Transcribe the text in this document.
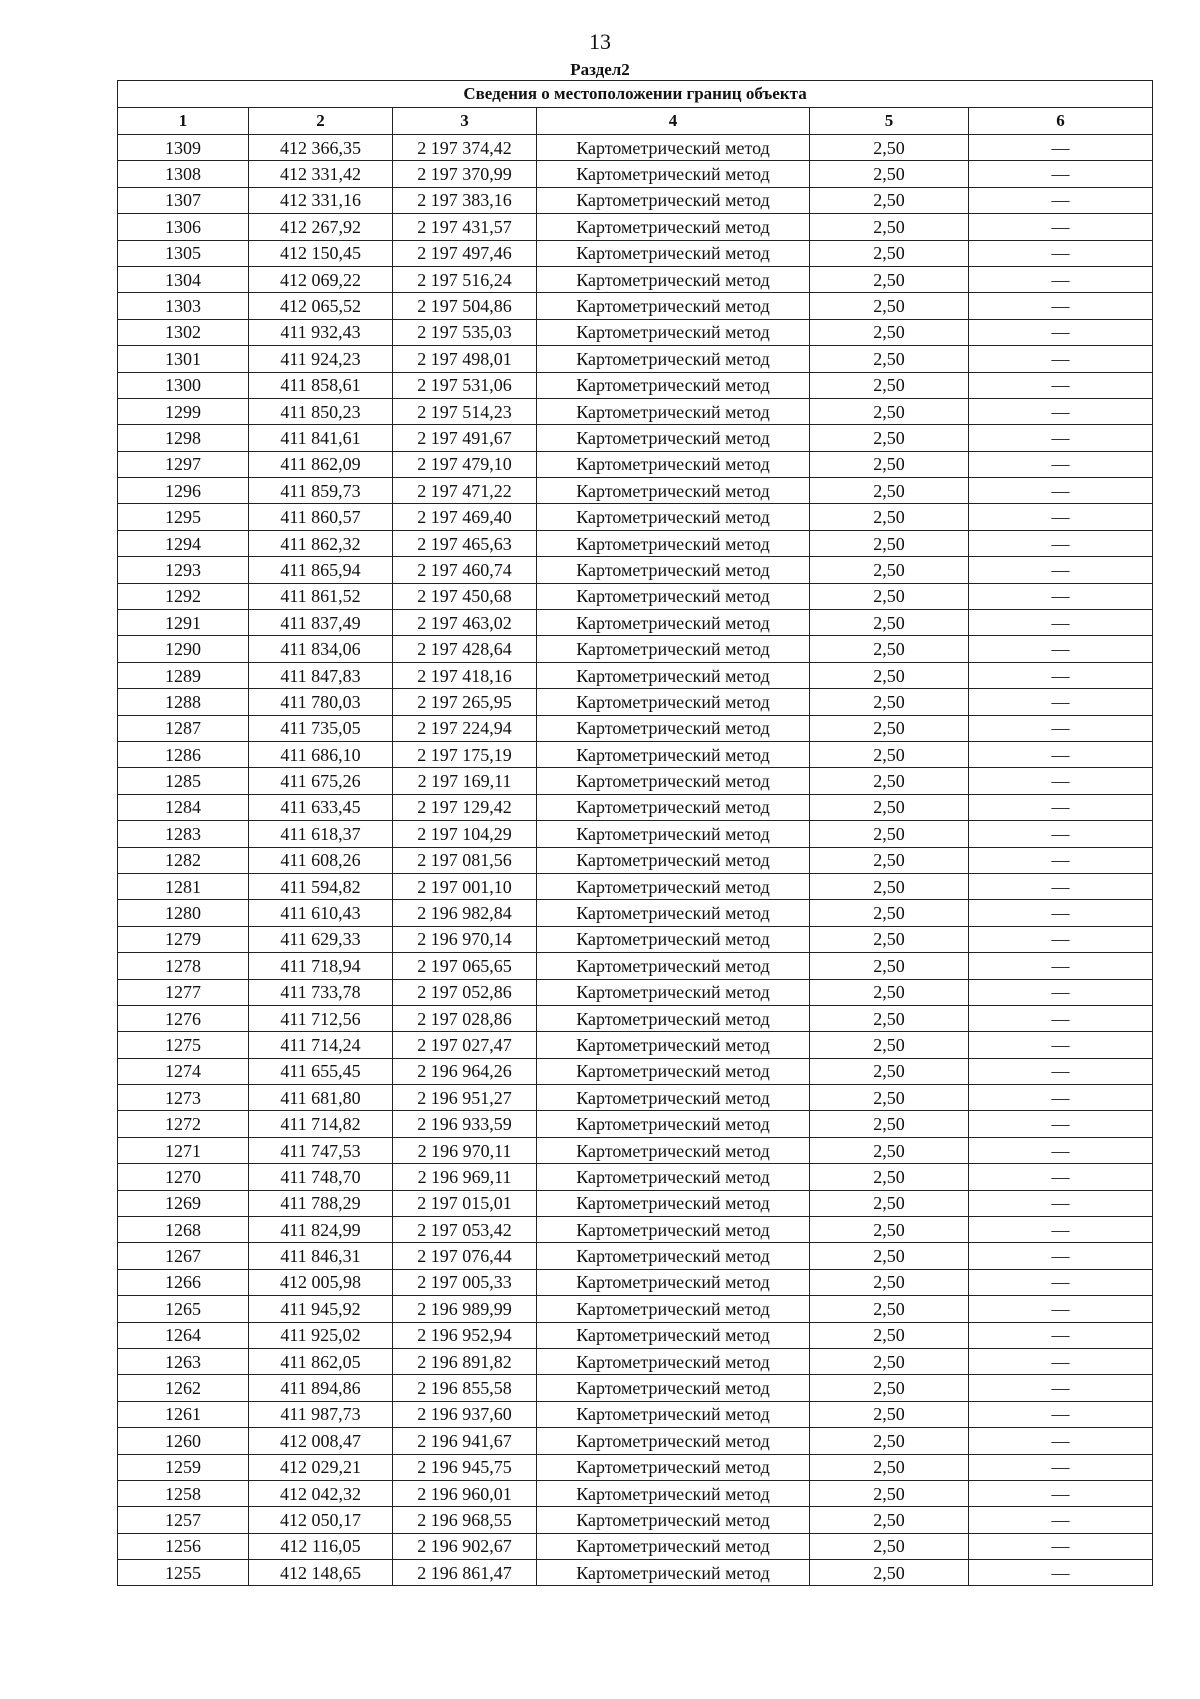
13
Раздел2
Сведения о местоположении границ объекта					
1	2	3	4	5	6
1309	412 366,35	2 197 374,42	Картометрический метод	2,50	—
1308	412 331,42	2 197 370,99	Картометрический метод	2,50	—
1307	412 331,16	2 197 383,16	Картометрический метод	2,50	—
1306	412 267,92	2 197 431,57	Картометрический метод	2,50	—
1305	412 150,45	2 197 497,46	Картометрический метод	2,50	—
1304	412 069,22	2 197 516,24	Картометрический метод	2,50	—
1303	412 065,52	2 197 504,86	Картометрический метод	2,50	—
1302	411 932,43	2 197 535,03	Картометрический метод	2,50	—
1301	411 924,23	2 197 498,01	Картометрический метод	2,50	—
1300	411 858,61	2 197 531,06	Картометрический метод	2,50	—
1299	411 850,23	2 197 514,23	Картометрический метод	2,50	—
1298	411 841,61	2 197 491,67	Картометрический метод	2,50	—
1297	411 862,09	2 197 479,10	Картометрический метод	2,50	—
1296	411 859,73	2 197 471,22	Картометрический метод	2,50	—
1295	411 860,57	2 197 469,40	Картометрический метод	2,50	—
1294	411 862,32	2 197 465,63	Картометрический метод	2,50	—
1293	411 865,94	2 197 460,74	Картометрический метод	2,50	—
1292	411 861,52	2 197 450,68	Картометрический метод	2,50	—
1291	411 837,49	2 197 463,02	Картометрический метод	2,50	—
1290	411 834,06	2 197 428,64	Картометрический метод	2,50	—
1289	411 847,83	2 197 418,16	Картометрический метод	2,50	—
1288	411 780,03	2 197 265,95	Картометрический метод	2,50	—
1287	411 735,05	2 197 224,94	Картометрический метод	2,50	—
1286	411 686,10	2 197 175,19	Картометрический метод	2,50	—
1285	411 675,26	2 197 169,11	Картометрический метод	2,50	—
1284	411 633,45	2 197 129,42	Картометрический метод	2,50	—
1283	411 618,37	2 197 104,29	Картометрический метод	2,50	—
1282	411 608,26	2 197 081,56	Картометрический метод	2,50	—
1281	411 594,82	2 197 001,10	Картометрический метод	2,50	—
1280	411 610,43	2 196 982,84	Картометрический метод	2,50	—
1279	411 629,33	2 196 970,14	Картометрический метод	2,50	—
1278	411 718,94	2 197 065,65	Картометрический метод	2,50	—
1277	411 733,78	2 197 052,86	Картометрический метод	2,50	—
1276	411 712,56	2 197 028,86	Картометрический метод	2,50	—
1275	411 714,24	2 197 027,47	Картометрический метод	2,50	—
1274	411 655,45	2 196 964,26	Картометрический метод	2,50	—
1273	411 681,80	2 196 951,27	Картометрический метод	2,50	—
1272	411 714,82	2 196 933,59	Картометрический метод	2,50	—
1271	411 747,53	2 196 970,11	Картометрический метод	2,50	—
1270	411 748,70	2 196 969,11	Картометрический метод	2,50	—
1269	411 788,29	2 197 015,01	Картометрический метод	2,50	—
1268	411 824,99	2 197 053,42	Картометрический метод	2,50	—
1267	411 846,31	2 197 076,44	Картометрический метод	2,50	—
1266	412 005,98	2 197 005,33	Картометрический метод	2,50	—
1265	411 945,92	2 196 989,99	Картометрический метод	2,50	—
1264	411 925,02	2 196 952,94	Картометрический метод	2,50	—
1263	411 862,05	2 196 891,82	Картометрический метод	2,50	—
1262	411 894,86	2 196 855,58	Картометрический метод	2,50	—
1261	411 987,73	2 196 937,60	Картометрический метод	2,50	—
1260	412 008,47	2 196 941,67	Картометрический метод	2,50	—
1259	412 029,21	2 196 945,75	Картометрический метод	2,50	—
1258	412 042,32	2 196 960,01	Картометрический метод	2,50	—
1257	412 050,17	2 196 968,55	Картометрический метод	2,50	—
1256	412 116,05	2 196 902,67	Картометрический метод	2,50	—
1255	412 148,65	2 196 861,47	Картометрический метод	2,50	—
